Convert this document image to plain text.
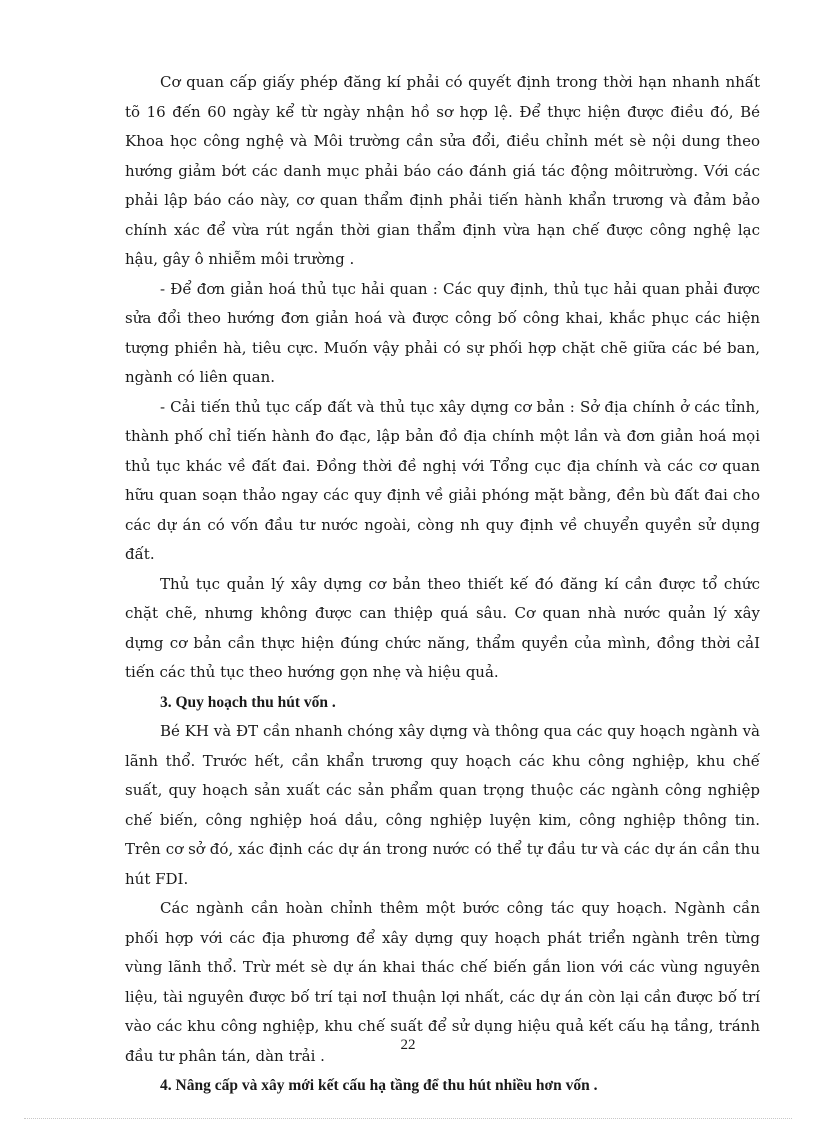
Cơ quan cấp giấy phép đăng kí phải có quyết định trong thời hạn nhanh nhất tõ 16 đến 60 ngày kể từ ngày nhận hồ sơ hợp lệ. Để thực hiện được điều đó, Bé Khoa học công nghệ và Môi trường cần sửa đổi, điều chỉnh mét sè nội dung theo hướng giảm bớt các danh mục phải báo cáo đánh giá tác động môitrường. Với các phải lập báo cáo này, cơ quan thẩm định phải tiến hành khẩn trương và đảm bảo chính xác để vừa rút ngắn thời gian thẩm định vừa hạn chế được công nghệ lạc hậu, gây ô nhiễm môi trường .

- Để đơn giản hoá thủ tục hải quan : Các quy định, thủ tục hải quan phải được sửa đổi theo hướng đơn giản hoá và được công bố công khai, khắc phục các hiện tượng phiền hà, tiêu cực. Muốn vậy phải có sự phối hợp chặt chẽ giữa các bé ban, ngành có liên quan.

- Cải tiến thủ tục cấp đất và thủ tục xây dựng cơ bản : Sở địa chính ở các tỉnh, thành phố chỉ tiến hành đo đạc, lập bản đồ địa chính một lần và đơn giản hoá mọi thủ tục khác về đất đai. Đồng thời đề nghị với Tổng cục địa chính và các cơ quan hữu quan soạn thảo ngay các quy định về giải phóng mặt bằng, đền bù đất đai cho các dự án có vốn đầu tư nước ngoài, còng nh quy định về chuyển quyền sử dụng đất.

Thủ tục quản lý xây dựng cơ bản theo thiết kế đó đăng kí cần được tổ chức chặt chẽ, nhưng không được can thiệp quá sâu. Cơ quan nhà nước quản lý xây dựng cơ bản cần thực hiện đúng chức năng, thẩm quyền của mình, đồng thời cảI tiến các thủ tục theo hướng gọn nhẹ và hiệu quả.

3. Quy hoạch thu hút vốn .

Bé KH và ĐT cần nhanh chóng xây dựng và thông qua các quy hoạch ngành và lãnh thổ. Trước hết, cần khẩn trương quy hoạch các khu công nghiệp, khu chế suất, quy hoạch sản xuất các sản phẩm quan trọng thuộc các ngành công nghiệp chế biến, công nghiệp hoá dầu, công nghiệp luyện kim, công nghiệp thông tin. Trên cơ sở đó, xác định các dự án trong nước có thể tự đầu tư và các dự án cần thu hút FDI.

Các ngành cần hoàn chỉnh thêm một bước công tác quy hoạch. Ngành cần phối hợp với các địa phương để xây dựng quy hoạch phát triển ngành trên từng vùng lãnh thổ. Trừ mét sè dự án khai thác chế biến gắn lion với các vùng nguyên liệu, tài nguyên được bố trí tại nơI thuận lợi nhất, các dự án còn lại cần được bố trí vào các khu công nghiệp, khu chế suất để sử dụng hiệu quả kết cấu hạ tầng, tránh đầu tư phân tán, dàn trải .

4. Nâng cấp và xây mới kết cấu hạ tầng để thu hút nhiều hơn vốn .

22
